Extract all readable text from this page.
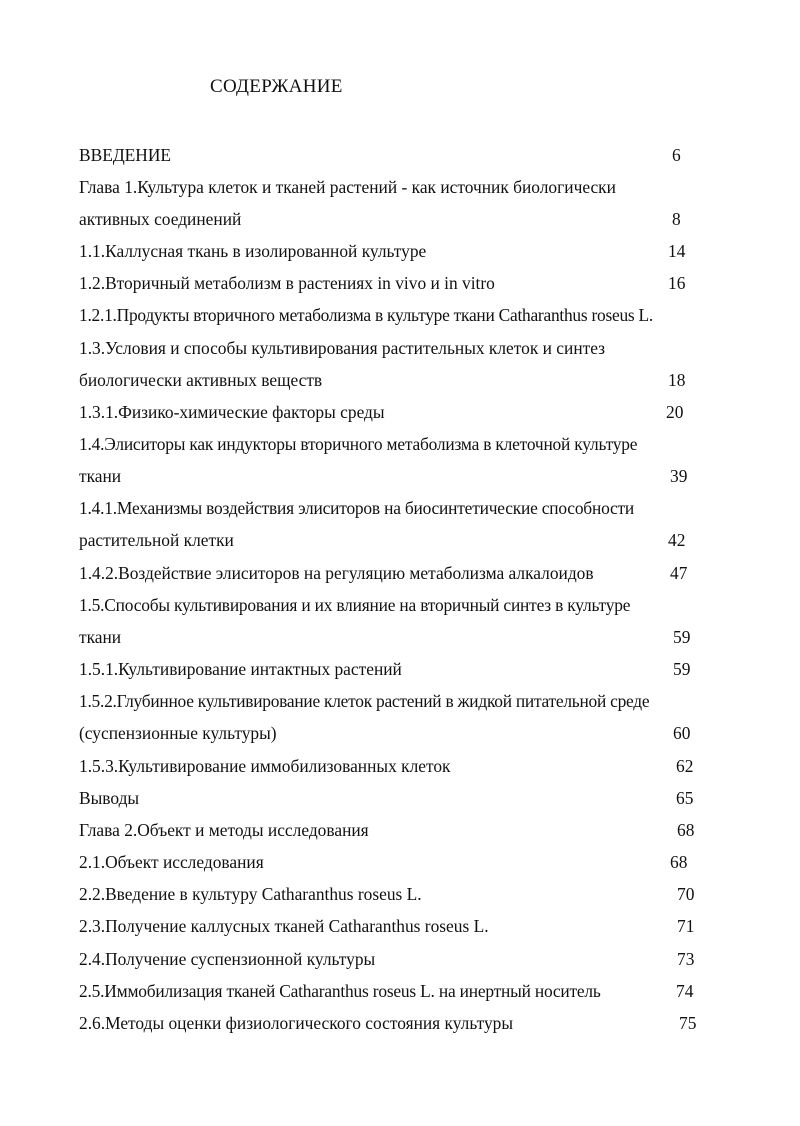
СОДЕРЖАНИЕ
ВВЕДЕНИЕ	6
Глава 1.Культура клеток и тканей растений - как источник биологически
активных соединений	8
1.1.Каллусная ткань в изолированной культуре	14
1.2.Вторичный метаболизм в растениях in vivo и in vitro	16
1.2.1.Продукты вторичного метаболизма в культуре ткани Catharanthus roseus L.
1.3.Условия и способы культивирования растительных клеток и синтез
биологически активных веществ	18
1.3.1.Физико-химические факторы среды	20
1.4.Элиситоры как индукторы вторичного метаболизма в клеточной культуре
ткани	39
1.4.1.Механизмы воздействия элиситоров на биосинтетические способности
растительной клетки	42
1.4.2.Воздействие элиситоров на регуляцию метаболизма алкалоидов	47
1.5.Способы культивирования и их влияние на вторичный синтез в культуре
ткани	59
1.5.1.Культивирование интактных растений	59
1.5.2.Глубинное культивирование клеток растений в жидкой питательной среде
(суспензионные культуры)	60
1.5.3.Культивирование иммобилизованных клеток	62
Выводы	65
Глава 2.Объект и методы исследования	68
2.1.Объект исследования	68
2.2.Введение в культуру Catharanthus roseus L.	70
2.3.Получение каллусных тканей Catharanthus roseus L.	71
2.4.Получение суспензионной культуры	73
2.5.Иммобилизация тканей Catharanthus roseus L. на инертный носитель	74
2.6.Методы оценки физиологического состояния культуры	75
